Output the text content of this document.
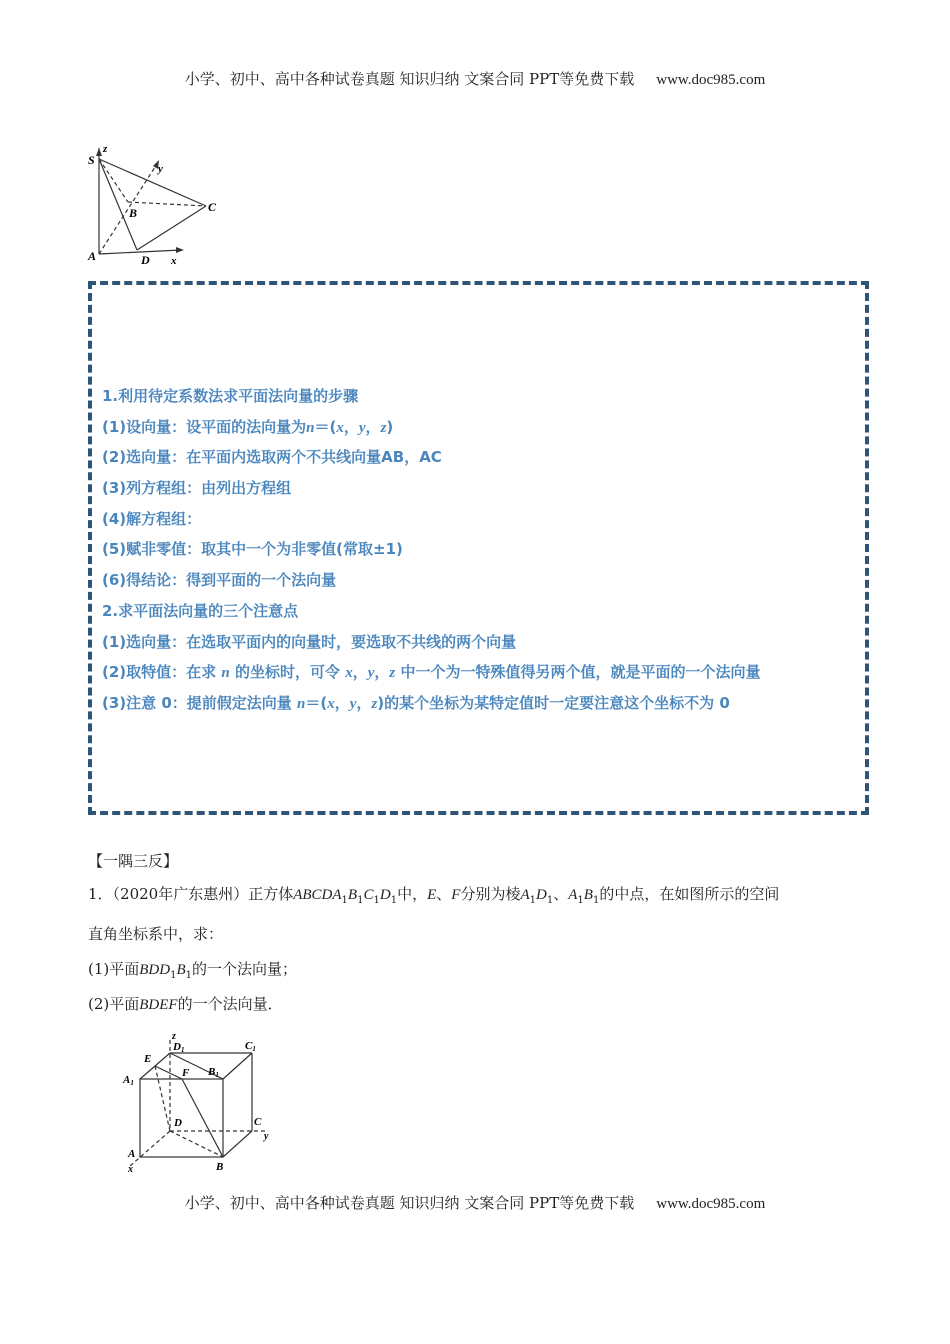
小学、初中、高中各种试卷真题 知识归纳 文案合同 PPT等免费下载 www.doc985.com
S
z
y
B	C
A	D x
1.利用待定系数法求平面法向量的步骤
(1)设向量：设平面的法向量为n＝(x，y，z)
(2)选向量：在平面内选取两个不共线向量AB，AC
(3)列方程组：由列出方程组
(4)解方程组：
(5)赋非零值：取其中一个为非零值(常取±1)
(6)得结论：得到平面的一个法向量
2.求平面法向量的三个注意点
(1)选向量：在选取平面内的向量时，要选取不共线的两个向量
(2)取特值：在求 n 的坐标时，可令 x，y，z 中一个为一特殊值得另两个值，就是平面的一个法向量
(3)注意 0：提前假定法向量 n＝(x，y，z)的某个坐标为某特定值时一定要注意这个坐标不为 0
【一隅三反】
1．（2020年广东惠州）正方体$ABCDA_1B_1C_1D_1$中，E、F分别为棱$A_1D_1$、$A_1B_1$的中点，在如图所示的空间
直角坐标系中，求：
(1)平面$BDD_1B_1$的一个法向量；
(2)平面BDEF的一个法向量．
z
D1	C1
E
A1
F B1
D	C
y
A
x	B
小学、初中、高中各种试卷真题 知识归纳 文案合同 PPT等免费下载 www.doc985.com
